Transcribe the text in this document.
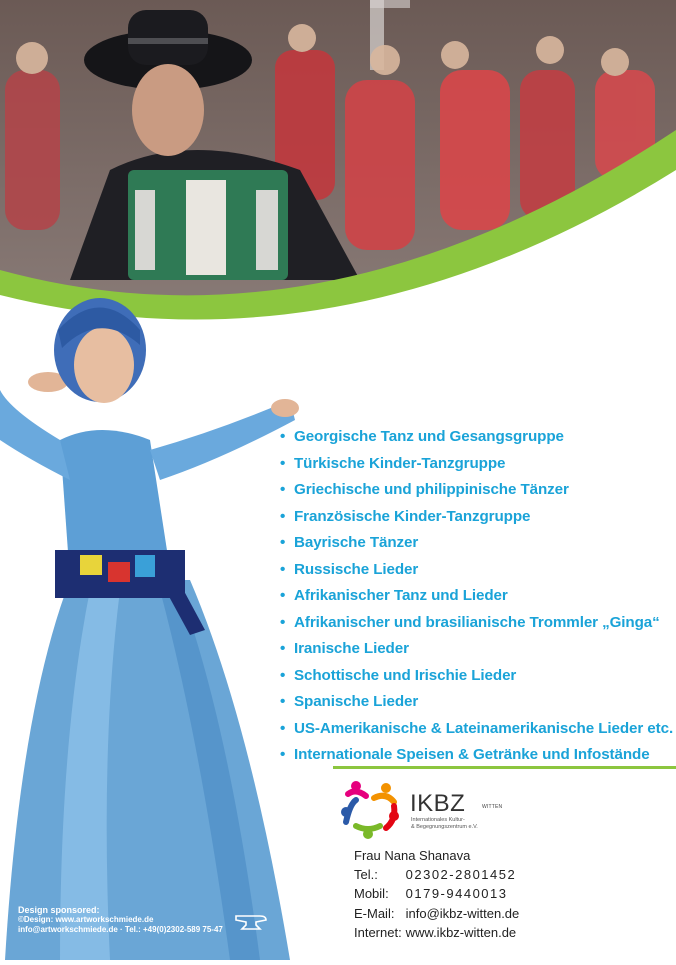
• Georgische Tanz und Gesangsgruppe
• Türkische Kinder-Tanzgruppe
• Griechische und philippinische Tänzer
• Französische Kinder-Tanzgruppe
• Bayrische Tänzer
• Russische Lieder
• Afrikanischer Tanz und Lieder
• Afrikanischer und brasilianische Trommler „Ginga“
• Iranische Lieder
• Schottische und Irischie Lieder
• Spanische Lieder
• US-Amerikanische & Lateinamerikanische Lieder etc.
• Internationale Speisen & Getränke und Infostände
IKBZ	WITTEN
Internationales Kultur-
& Begegnungszentrum e.V.
Frau Nana Shanava
Tel.: 02302-2801452
Mobil: 0179-9440013
E-Mail: info@ikbz-witten.de
Internet: www.ikbz-witten.de
Design sponsored:
©Design: www.artworkschmiede.de
info@artworkschmiede.de · Tel.: +49(0)2302-589 75-47
